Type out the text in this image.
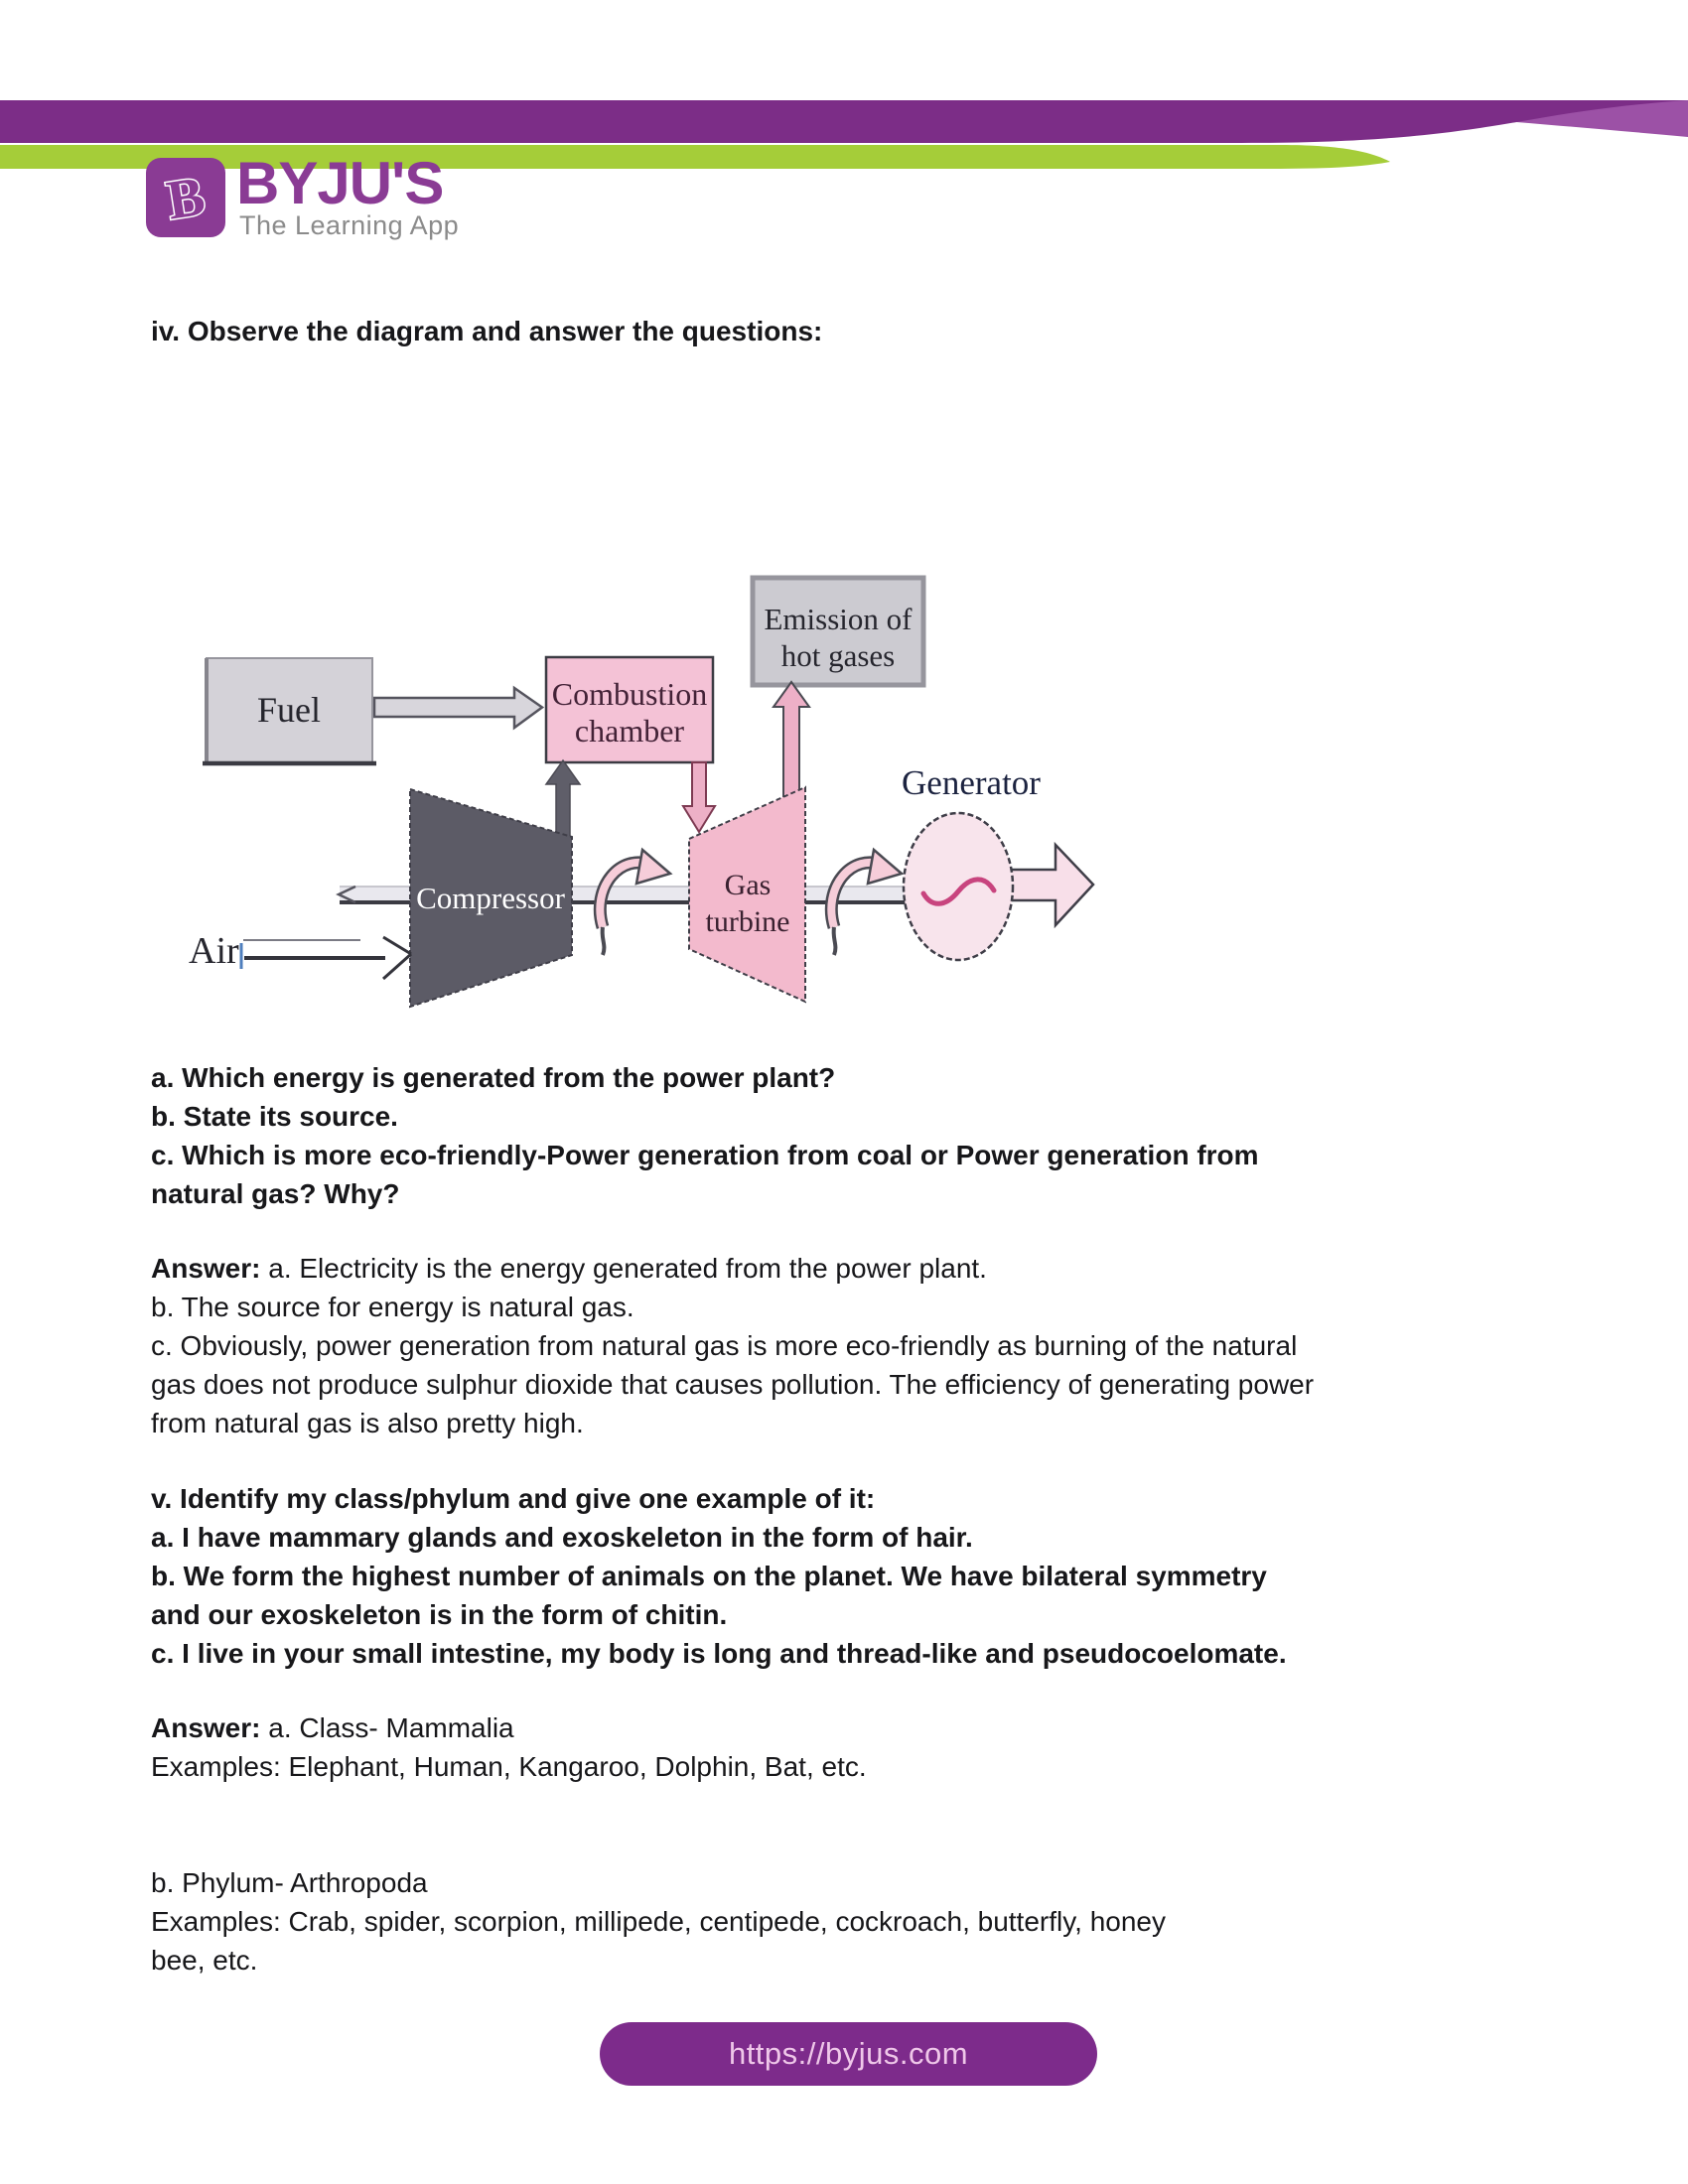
B BYJU'S
The Learning App
iv. Observe the diagram and answer the questions:
Fuel
Emission of
hot gases
Combustion
chamber
Compressor	Gas
turbine
Generator
Air
a. Which energy is generated from the power plant?
b. State its source.
c. Which is more eco-friendly-Power generation from coal or Power generation from
natural gas? Why?
Answer: a. Electricity is the energy generated from the power plant.
b. The source for energy is natural gas.
c. Obviously, power generation from natural gas is more eco-friendly as burning of the natural
gas does not produce sulphur dioxide that causes pollution. The efficiency of generating power
from natural gas is also pretty high.
v. Identify my class/phylum and give one example of it:
a. I have mammary glands and exoskeleton in the form of hair.
b. We form the highest number of animals on the planet. We have bilateral symmetry
and our exoskeleton is in the form of chitin.
c. I live in your small intestine, my body is long and thread-like and pseudocoelomate.
Answer: a. Class- Mammalia
Examples: Elephant, Human, Kangaroo, Dolphin, Bat, etc.
b. Phylum- Arthropoda
Examples: Crab, spider, scorpion, millipede, centipede, cockroach, butterfly, honey
bee, etc.
https://byjus.com
